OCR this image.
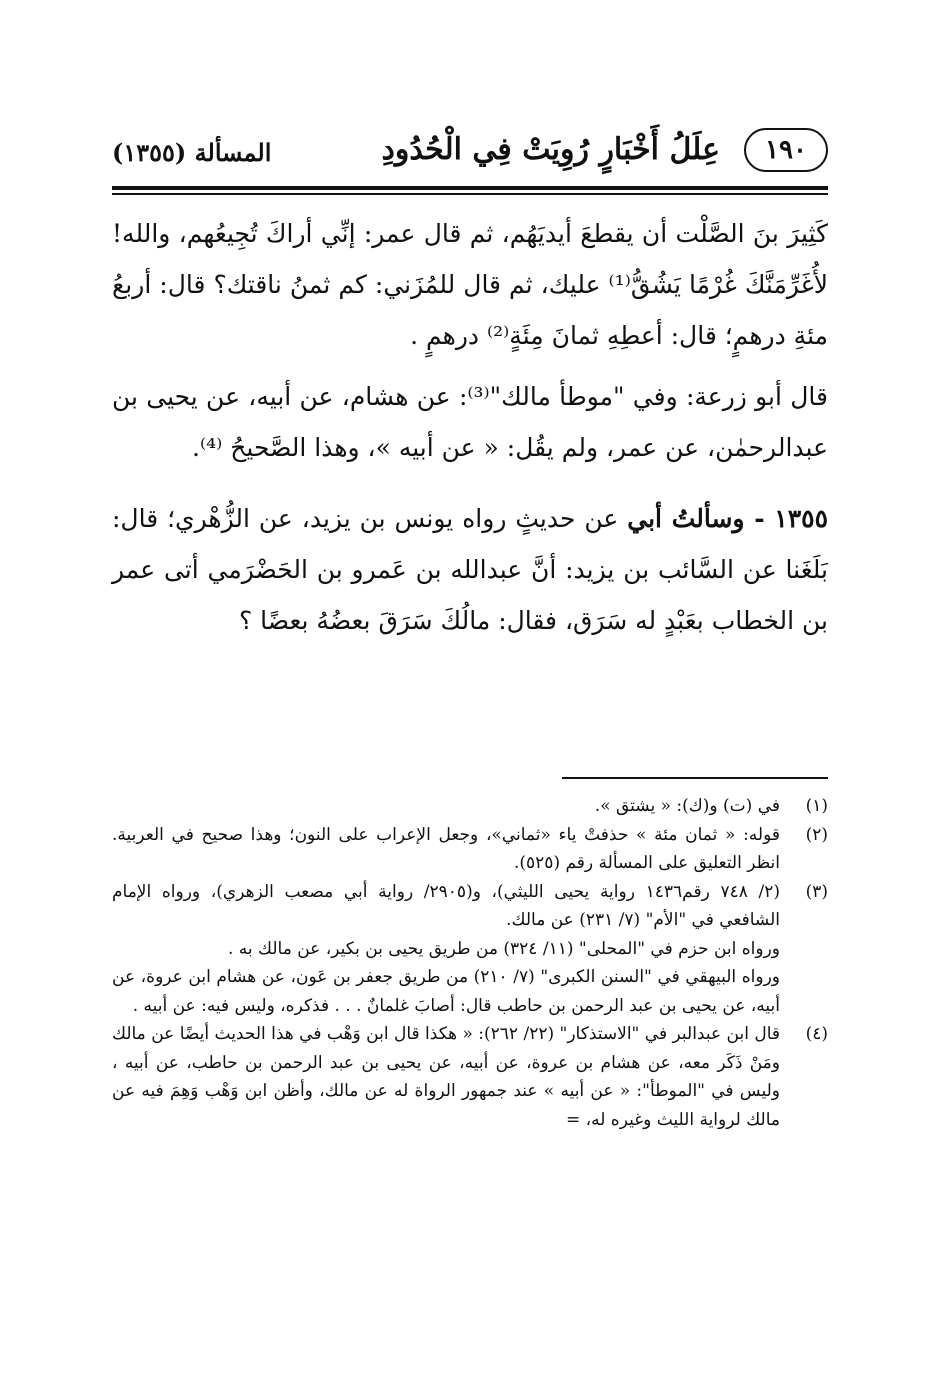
١٩٠
عِلَلُ أَخْبَارٍ رُوِيَتْ فِي الْحُدُودِ
المسألة (١٣٥٥)

كَثِيرَ بنَ الصَّلْت أن يقطعَ أيديَهُم، ثم قال عمر: إنِّي أراكَ تُجِيعُهم، والله! لأُغَرِّمَنَّكَ غُرْمًا يَشُقُّ⁽¹⁾ عليك، ثم قال للمُزَني: كم ثمنُ ناقتك؟ قال: أربعُ مئةِ درهمٍ؛ قال: أعطِهِ ثمانَ مِئَةٍ⁽²⁾ درهمٍ .

قال أبو زرعة: وفي "موطأ مالك"⁽³⁾: عن هشام، عن أبيه، عن يحيى بن عبدالرحمٰن، عن عمر، ولم يقُل: « عن أبيه »، وهذا الصَّحيحُ ⁽⁴⁾.

١٣٥٥ - وسألتُ أبي عن حديثٍ رواه يونس بن يزيد، عن الزُّهْري؛ قال: بَلَغَنا عن السَّائب بن يزيد: أنَّ عبدالله بن عَمرو بن الحَضْرَمي أتى عمر بن الخطاب بعَبْدٍ له سَرَق، فقال: مالُكَ سَرَقَ بعضُهُ بعضًا ؟

(١)

في (ت) و(ك): « يشتق ».

(٢)

قوله: « ثمان مئة » حذفتْ ياء «ثماني»، وجعل الإعراب على النون؛ وهذا صحيح في العربية. انظر التعليق على المسألة رقم (٥٢٥).

(٣)

(٢/ ٧٤٨ رقم١٤٣٦ رواية يحيى الليثي)، و(٢٩٠٥/ رواية أبي مصعب الزهري)، ورواه الإمام الشافعي في "الأم" (٧/ ٢٣١) عن مالك.

ورواه ابن حزم في "المحلى" (١١/ ٣٢٤) من طريق يحيى بن بكير، عن مالك به .

ورواه البيهقي في "السنن الكبرى" (٧/ ٢١٠) من طريق جعفر بن عَون، عن هشام ابن عروة، عن أبيه، عن يحيى بن عبد الرحمن بن حاطب قال: أصابَ غلمانٌ . . . فذكره، وليس فيه: عن أبيه .

(٤)

قال ابن عبدالبر في "الاستذكار" (٢٢/ ٢٦٢): « هكذا قال ابن وَهْب في هذا الحديث أيضًا عن مالك ومَنْ ذَكَر معه، عن هشام بن عروة، عن أبيه، عن يحيى بن عبد الرحمن بن حاطب، عن أبيه ، وليس في "الموطأ": « عن أبيه » عند جمهور الرواة له عن مالك، وأظن ابن وَهْب وَهِمَ فيه عن مالك لرواية الليث وغيره له، =
